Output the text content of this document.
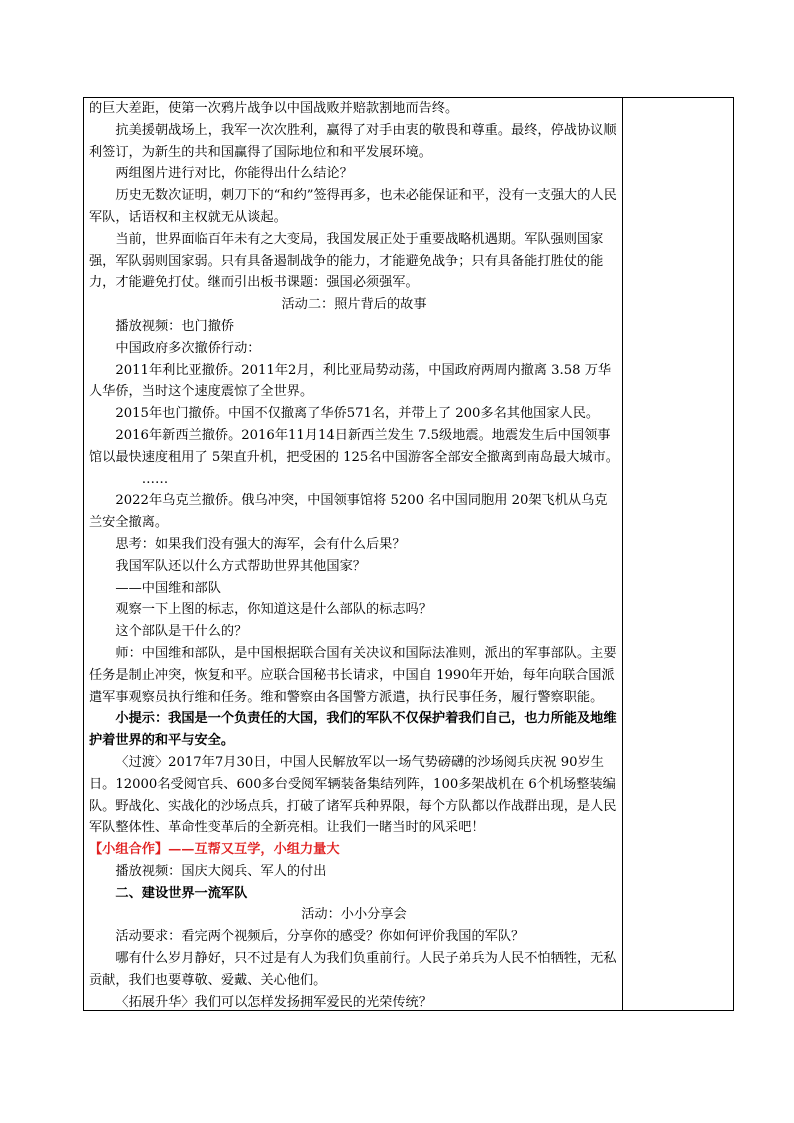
的巨大差距，使第一次鸦片战争以中国战败并赔款割地而告终。

抗美援朝战场上，我军一次次胜利，赢得了对手由衷的敬畏和尊重。最终，停战协议顺利签订，为新生的共和国赢得了国际地位和和平发展环境。

两组图片进行对比，你能得出什么结论？

历史无数次证明，刺刀下的“和约”签得再多，也未必能保证和平，没有一支强大的人民军队，话语权和主权就无从谈起。

当前，世界面临百年未有之大变局，我国发展正处于重要战略机遇期。军队强则国家强，军队弱则国家弱。只有具备遏制战争的能力，才能避免战争；只有具备能打胜仗的能力，才能避免打仗。继而引出板书课题：强国必须强军。

活动二：照片背后的故事

播放视频：也门撤侨

中国政府多次撤侨行动：

2011年利比亚撤侨。2011年2月，利比亚局势动荡，中国政府两周内撤离 3.58 万华人华侨，当时这个速度震惊了全世界。

2015年也门撤侨。中国不仅撤离了华侨571名，并带上了 200多名其他国家人民。

2016年新西兰撤侨。2016年11月14日新西兰发生 7.5级地震。地震发生后中国领事馆以最快速度租用了 5架直升机，把受困的 125名中国游客全部安全撤离到南岛最大城市。

……

2022年乌克兰撤侨。俄乌冲突，中国领事馆将 5200 名中国同胞用 20架飞机从乌克兰安全撤离。

思考：如果我们没有强大的海军，会有什么后果？

我国军队还以什么方式帮助世界其他国家？

——中国维和部队

观察一下上图的标志，你知道这是什么部队的标志吗？

这个部队是干什么的？

师：中国维和部队，是中国根据联合国有关决议和国际法准则，派出的军事部队。主要任务是制止冲突，恢复和平。应联合国秘书长请求，中国自 1990年开始，每年向联合国派遣军事观察员执行维和任务。维和警察由各国警方派遣，执行民事任务，履行警察职能。

小提示：我国是一个负责任的大国，我们的军队不仅保护着我们自己，也力所能及地维护着世界的和平与安全。

〈过渡〉2017年7月30日，中国人民解放军以一场气势磅礴的沙场阅兵庆祝 90岁生日。12000名受阅官兵、600多台受阅军辆装备集结列阵，100多架战机在 6个机场整装编队。野战化、实战化的沙场点兵，打破了诸军兵种界限，每个方队都以作战群出现，是人民军队整体性、革命性变革后的全新亮相。让我们一睹当时的风采吧！

【小组合作】——互帮又互学，小组力量大

播放视频：国庆大阅兵、军人的付出

二、建设世界一流军队

活动：小小分享会

活动要求：看完两个视频后，分享你的感受？你如何评价我国的军队？

哪有什么岁月静好，只不过是有人为我们负重前行。人民子弟兵为人民不怕牺牲，无私贡献，我们也要尊敬、爱戴、关心他们。

〈拓展升华〉我们可以怎样发扬拥军爱民的光荣传统？
